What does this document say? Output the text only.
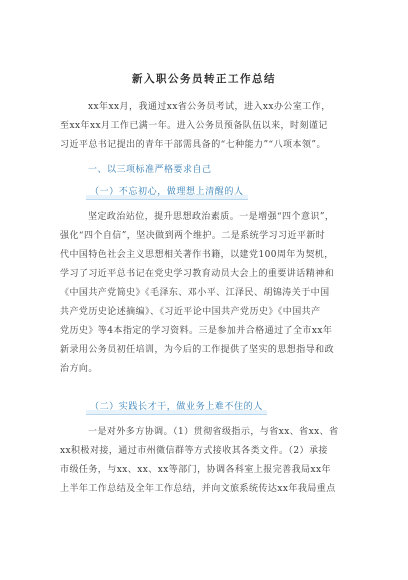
新入职公务员转正工作总结
xx年xx月，我通过xx省公务员考试，进入xx办公室工作，
至xx年xx月工作已满一年。进入公务员预备队伍以来，时刻谨记
习近平总书记提出的青年干部需具备的“七种能力”“八项本领”。
一、以三项标准严格要求自己
（一）不忘初心，做理想上清醒的人
坚定政治站位，提升思想政治素质。一是增强“四个意识”，
强化“四个自信”，坚决做到两个维护。二是系统学习习近平新时
代中国特色社会主义思想相关著作书籍，以建党100周年为契机，
学习了习近平总书记在党史学习教育动员大会上的重要讲话精神和
《中国共产党简史》《毛泽东、邓小平、江泽民、胡锦涛关于中国
共产党历史论述摘编》、《习近平论中国共产党历史》《中国共产
党历史》等4本指定的学习资料。三是参加并合格通过了全市xx年
新录用公务员初任培训，为今后的工作提供了坚实的思想指导和政
治方向。
（二）实践长才干，做业务上难不住的人
一是对外多方协调。（1）贯彻省级指示，与省xx、省xx、省
xx积极对接，通过市州微信群等方式接收其各类文件。（2）承接
市级任务，与xx、xx、xx等部门，协调各科室上报完善我局xx年
上半年工作总结及全年工作总结，并向文旅系统传达xx年我局重点
